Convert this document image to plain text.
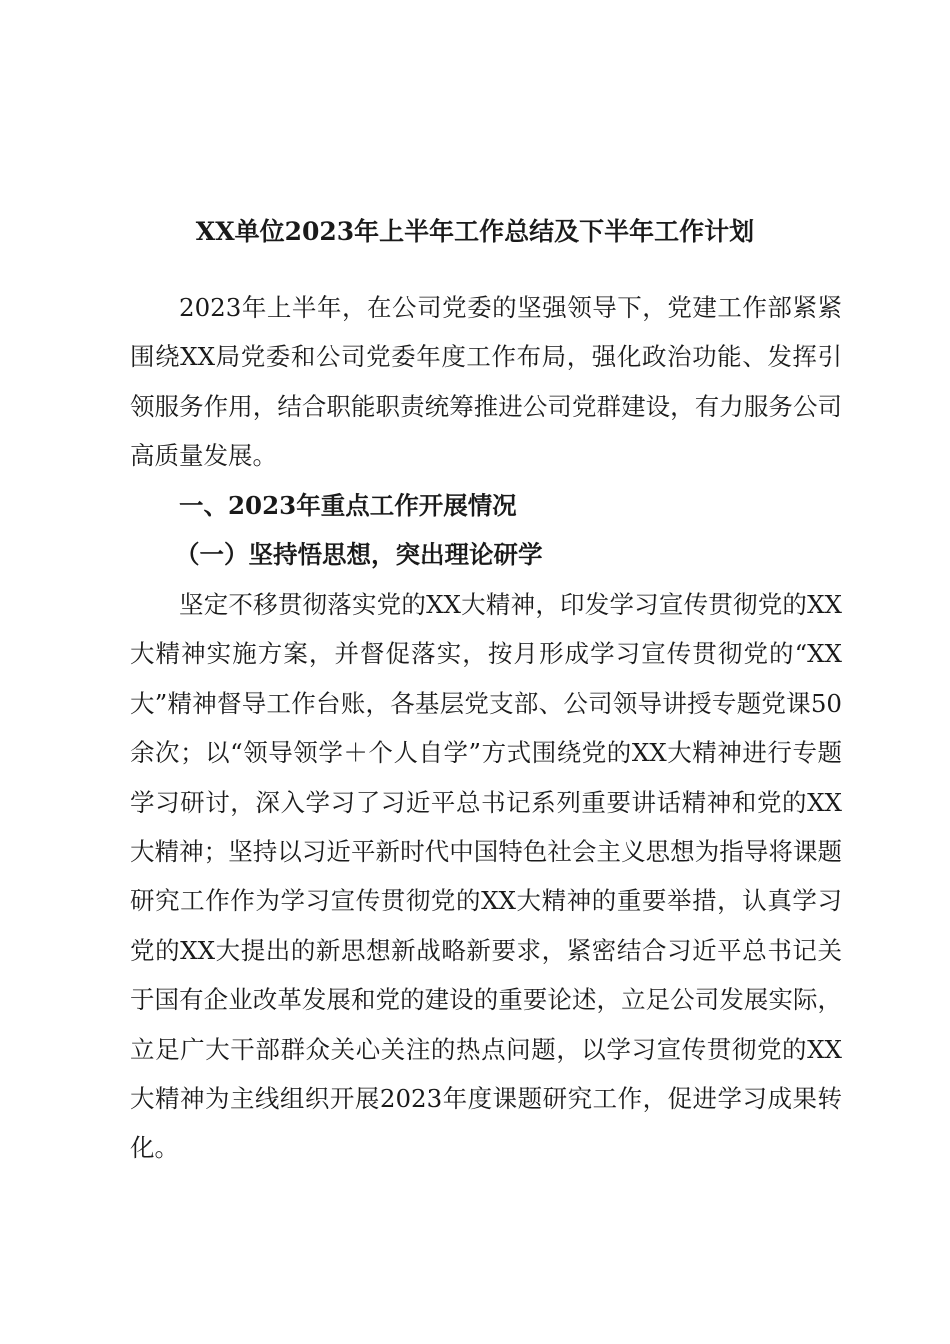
XX单位2023年上半年工作总结及下半年工作计划

2023年上半年，在公司党委的坚强领导下，党建工作部紧紧围绕XX局党委和公司党委年度工作布局，强化政治功能、发挥引领服务作用，结合职能职责统筹推进公司党群建设，有力服务公司高质量发展。

一、2023年重点工作开展情况
（一）坚持悟思想，突出理论研学

坚定不移贯彻落实党的XX大精神，印发学习宣传贯彻党的XX大精神实施方案，并督促落实，按月形成学习宣传贯彻党的“XX大”精神督导工作台账，各基层党支部、公司领导讲授专题党课50余次；以“领导领学＋个人自学”方式围绕党的XX大精神进行专题学习研讨，深入学习了习近平总书记系列重要讲话精神和党的XX大精神；坚持以习近平新时代中国特色社会主义思想为指导将课题研究工作作为学习宣传贯彻党的XX大精神的重要举措，认真学习党的XX大提出的新思想新战略新要求，紧密结合习近平总书记关于国有企业改革发展和党的建设的重要论述，立足公司发展实际，立足广大干部群众关心关注的热点问题，以学习宣传贯彻党的XX大精神为主线组织开展2023年度课题研究工作，促进学习成果转化。
